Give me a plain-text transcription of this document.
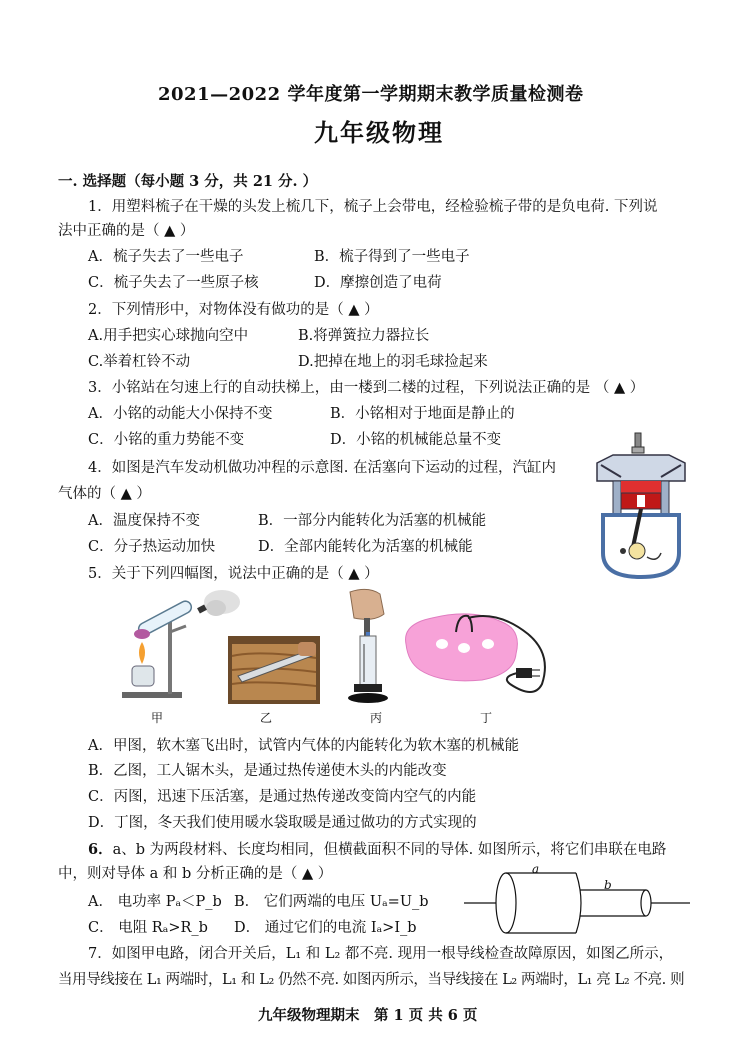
2021—2022 学年度第一学期期末教学质量检测卷
九年级物理
一. 选择题（每小题 3 分，共 21 分. ）
1．用塑料梳子在干燥的头发上梳几下，梳子上会带电，经检验梳子带的是负电荷. 下列说
法中正确的是（ ▲ ）
A．梳子失去了一些电子	B．梳子得到了一些电子
C．梳子失去了一些原子核	D．摩擦创造了电荷
2．下列情形中，对物体没有做功的是（ ▲ ）
A.用手把实心球抛向空中	B.将弹簧拉力器拉长
C.举着杠铃不动	D.把掉在地上的羽毛球捡起来
3．小铭站在匀速上行的自动扶梯上，由一楼到二楼的过程，下列说法正确的是 （ ▲ ）
A．小铭的动能大小保持不变	B．小铭相对于地面是静止的
C．小铭的重力势能不变	D．小铭的机械能总量不变
4．如图是汽车发动机做功冲程的示意图. 在活塞向下运动的过程，汽缸内
气体的（ ▲ ）
A．温度保持不变	B．一部分内能转化为活塞的机械能
C．分子热运动加快	D．全部内能转化为活塞的机械能
5．关于下列四幅图，说法中正确的是（ ▲ ）
甲	乙	丙	丁
A．甲图，软木塞飞出时，试管内气体的内能转化为软木塞的机械能
B．乙图，工人锯木头，是通过热传递使木头的内能改变
C．丙图，迅速下压活塞，是通过热传递改变筒内空气的内能
D．丁图，冬天我们使用暖水袋取暖是通过做功的方式实现的
6．a、b 为两段材料、长度均相同，但横截面积不同的导体. 如图所示，将它们串联在电路
中，则对导体 a 和 b 分析正确的是（ ▲ ）
A． 电功率 Pₐ＜P_b B． 它们两端的电压 Uₐ=U_b
C． 电阻 Rₐ>R_b D． 通过它们的电流 Iₐ>I_b
a
b
7．如图甲电路，闭合开关后，L₁ 和 L₂ 都不亮. 现用一根导线检查故障原因，如图乙所示，
当用导线接在 L₁ 两端时，L₁ 和 L₂ 仍然不亮. 如图丙所示，当导线接在 L₂ 两端时，L₁ 亮 L₂ 不亮. 则
九年级物理期末　第 1 页 共 6 页
